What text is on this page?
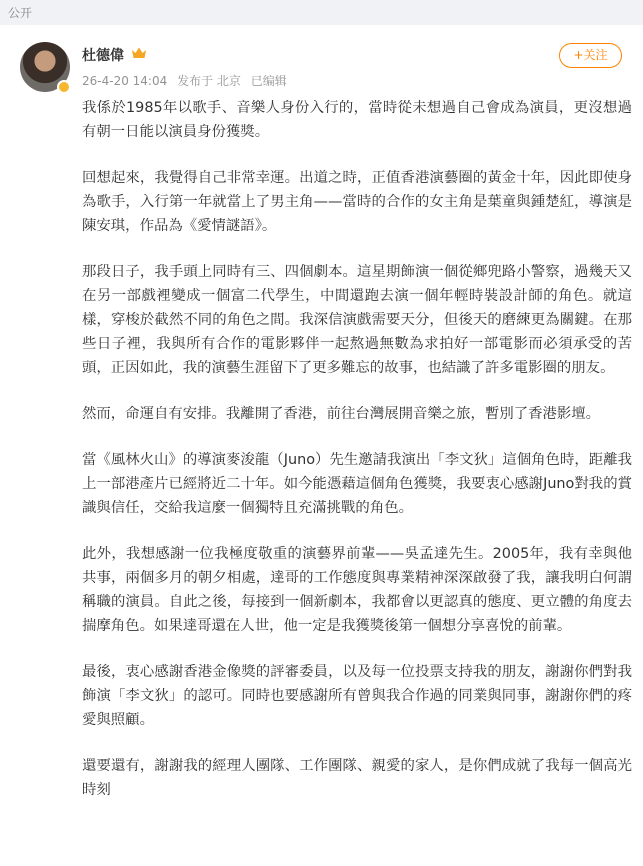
公开
杜德偉
26-4-20 14:04 发布于 北京 已编辑
+关注

我係於1985年以歌手、音樂人身份入行的，當時從未想過自己會成為演員，更沒想過有朝一日能以演員身份獲獎。

回想起來，我覺得自己非常幸運。出道之時，正值香港演藝圈的黃金十年，因此即使身為歌手，入行第一年就當上了男主角——當時的合作的女主角是葉童與鍾楚紅，導演是陳安琪，作品為《愛情謎語》。

那段日子，我手頭上同時有三、四個劇本。這星期飾演一個從鄉兜路小警察，過幾天又在另一部戲裡變成一個富二代學生，中間還跑去演一個年輕時裝設計師的角色。就這樣，穿梭於截然不同的角色之間。我深信演戲需要天分，但後天的磨練更為關鍵。在那些日子裡，我與所有合作的電影夥伴一起熬過無數為求拍好一部電影而必須承受的苦頭，正因如此，我的演藝生涯留下了更多難忘的故事，也結識了許多電影圈的朋友。

然而，命運自有安排。我離開了香港，前往台灣展開音樂之旅，暫別了香港影壇。

當《風林火山》的導演麥浚龍（Juno）先生邀請我演出「李文狄」這個角色時，距離我上一部港產片已經將近二十年。如今能憑藉這個角色獲獎，我要衷心感謝Juno對我的賞識與信任，交給我這麼一個獨特且充滿挑戰的角色。

此外，我想感謝一位我極度敬重的演藝界前輩——吳孟達先生。2005年，我有幸與他共事，兩個多月的朝夕相處，達哥的工作態度與專業精神深深啟發了我，讓我明白何謂稱職的演員。自此之後，每接到一個新劇本，我都會以更認真的態度、更立體的角度去揣摩角色。如果達哥還在人世，他一定是我獲獎後第一個想分享喜悅的前輩。

最後，衷心感謝香港金像獎的評審委員，以及每一位投票支持我的朋友，謝謝你們對我飾演「李文狄」的認可。同時也要感謝所有曾與我合作過的同業與同事，謝謝你們的疼愛與照顧。

還要還有，謝謝我的經理人團隊、工作團隊、親愛的家人，是你們成就了我每一個高光時刻
